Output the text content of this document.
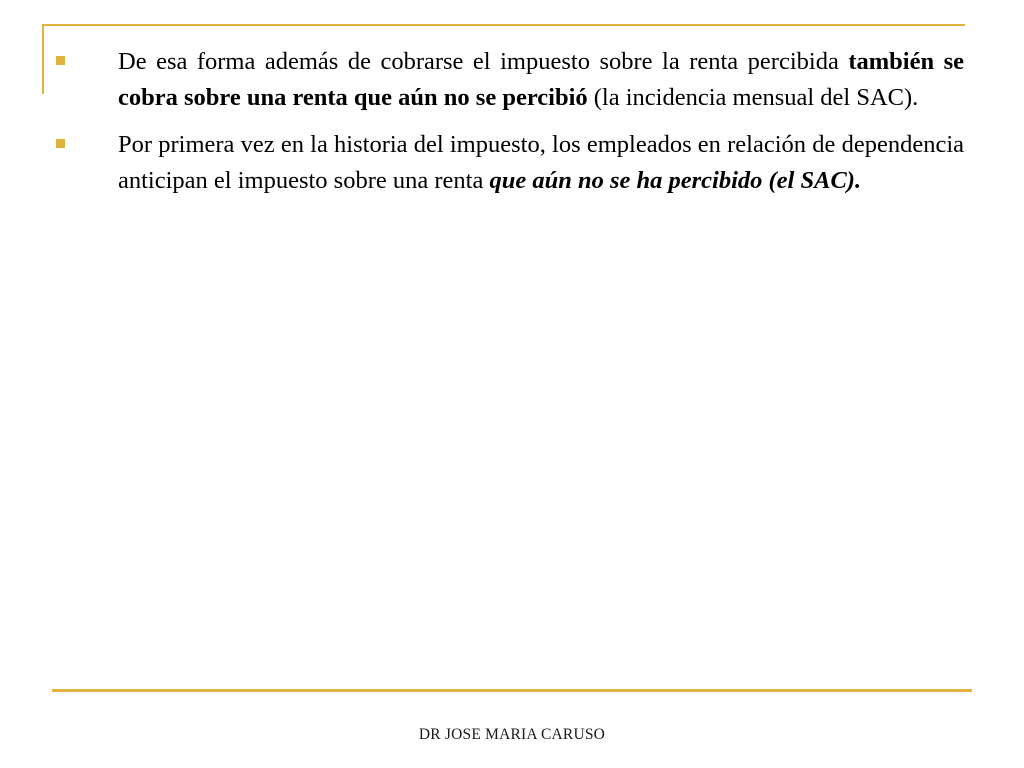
De esa forma además de cobrarse el impuesto sobre la renta percibida también se cobra sobre una renta que aún no se percibió (la incidencia mensual del SAC).

Por primera vez en la historia del impuesto, los empleados en relación de dependencia anticipan el impuesto sobre una renta que aún no se ha percibido (el SAC).

DR JOSE MARIA CARUSO
